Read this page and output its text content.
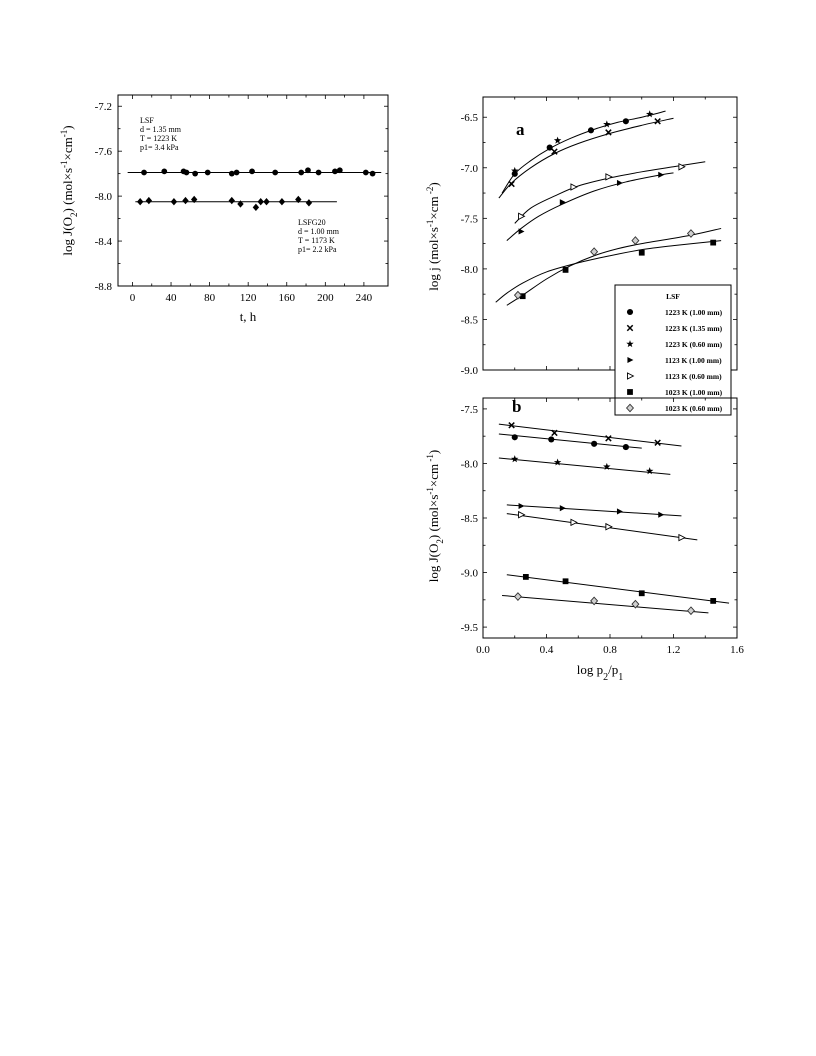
0	40	80 120 160 200 240
-7.2
-7.6
-8.0
-8.4
-8.8
t, h
$\log J(O_2)$ $(mol\times s^{-1}\times cm^{-1})$
LSF
d = 1.35 mm
T = 1223 K
p1= 3.4 kPa
LSFG20
d = 1.00 mm
T = 1173 K
p1= 2.2 kPa
-6.5
-7.0
-7.5
-8.0
-8.5
-9.0
a
log j ($mol\times s^{-1}\times cm$ $^{-2}$)
LSF
1223 K (1.00 mm)
1223 K (1.35 mm)
1223 K (0.60 mm)
1123 K (1.00 mm)
1123 K (0.60 mm)
1023 K (1.00 mm)
1023 K (0.60 mm)
0.0	0.4	0.8	1.2	1.6
-7.5
-8.0
-8.5
-9.0
-9.5
b
$\log p_2/p_1$
$\log J(O_2)$ ($mol\times s^{-1}\times cm$ $^{-1}$)
